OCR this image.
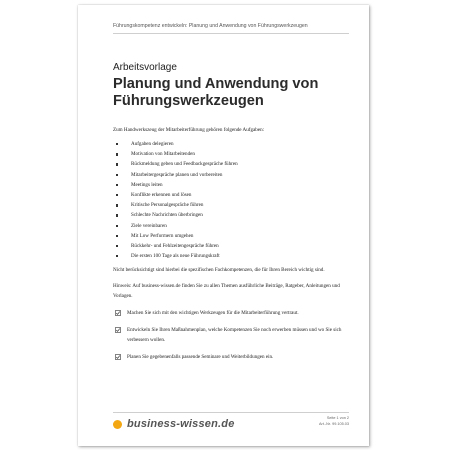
Führungskompetenz entwickeln: Planung und Anwendung von Führungswerkzeugen
Arbeitsvorlage
Planung und Anwendung von Führungswerkzeugen

Zum Handwerkszeug der Mitarbeiterführung gehören folgende Aufgaben:

Aufgaben delegieren
Motivation von Mitarbeitenden
Rückmeldung geben und Feedbackgespräche führen
Mitarbeitergespräche planen und vorbereiten
Meetings leiten
Konflikte erkennen und lösen
Kritische Personalgespräche führen
Schlechte Nachrichten überbringen
Ziele vereinbaren
Mit Low Performern umgehen
Rückkehr- und Fehlzeitengespräche führen
Die ersten 100 Tage als neue Führungskraft

Nicht berücksichtigt sind hierbei die spezifischen Fachkompetenzen, die für Ihren Bereich wichtig sind.

Hinweis: Auf business-wissen.de finden Sie zu allen Themen ausführliche Beiträge, Ratgeber, Anleitungen und Vorlagen.

Machen Sie sich mit den wichtigen Werkzeugen für die Mitarbeiterführung vertraut.
Entwickeln Sie Ihren Maßnahmenplan, welche Kompetenzen Sie noch erwerben müssen und wo Sie sich verbessern wollen.
Planen Sie gegebenenfalls passende Seminare und Weiterbildungen ein.
business-wissen.de	Seite 1 von 2
Art.-Nr. 99.105.03
